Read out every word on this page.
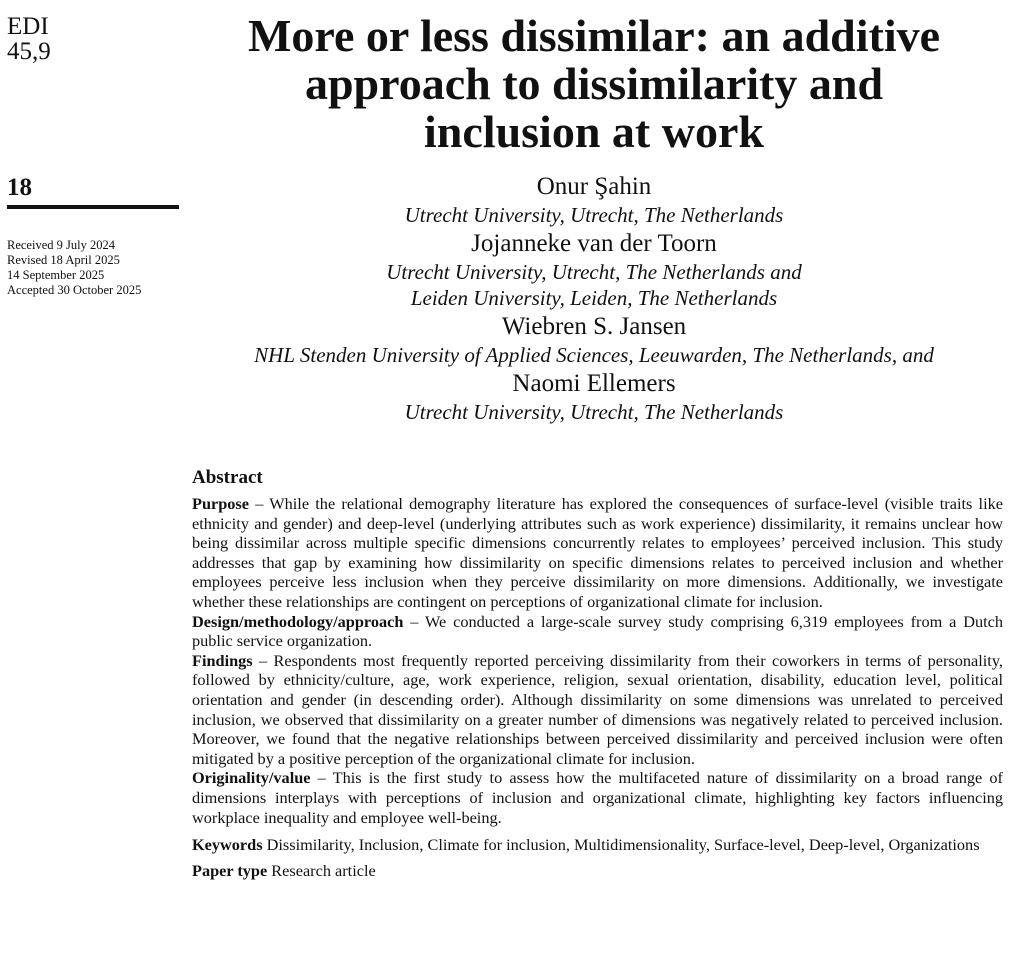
EDI
45,9
18
Received 9 July 2024
Revised 18 April 2025
14 September 2025
Accepted 30 October 2025
More or less dissimilar: an additive
approach to dissimilarity and
inclusion at work
Onur Şahin
Utrecht University, Utrecht, The Netherlands
Jojanneke van der Toorn
Utrecht University, Utrecht, The Netherlands and
Leiden University, Leiden, The Netherlands
Wiebren S. Jansen
NHL Stenden University of Applied Sciences, Leeuwarden, The Netherlands, and
Naomi Ellemers
Utrecht University, Utrecht, The Netherlands
Abstract

Purpose – While the relational demography literature has explored the consequences of surface-level (visible traits like ethnicity and gender) and deep-level (underlying attributes such as work experience) dissimilarity, it remains unclear how being dissimilar across multiple specific dimensions concurrently relates to employees’ perceived inclusion. This study addresses that gap by examining how dissimilarity on specific dimensions relates to perceived inclusion and whether employees perceive less inclusion when they perceive dissimilarity on more dimensions. Additionally, we investigate whether these relationships are contingent on perceptions of organizational climate for inclusion.

Design/methodology/approach – We conducted a large-scale survey study comprising 6,319 employees from a Dutch public service organization.

Findings – Respondents most frequently reported perceiving dissimilarity from their coworkers in terms of personality, followed by ethnicity/culture, age, work experience, religion, sexual orientation, disability, education level, political orientation and gender (in descending order). Although dissimilarity on some dimensions was unrelated to perceived inclusion, we observed that dissimilarity on a greater number of dimensions was negatively related to perceived inclusion. Moreover, we found that the negative relationships between perceived dissimilarity and perceived inclusion were often mitigated by a positive perception of the organizational climate for inclusion.

Originality/value – This is the first study to assess how the multifaceted nature of dissimilarity on a broad range of dimensions interplays with perceptions of inclusion and organizational climate, highlighting key factors influencing workplace inequality and employee well-being.

Keywords Dissimilarity, Inclusion, Climate for inclusion, Multidimensionality, Surface-level, Deep-level, Organizations

Paper type Research article
